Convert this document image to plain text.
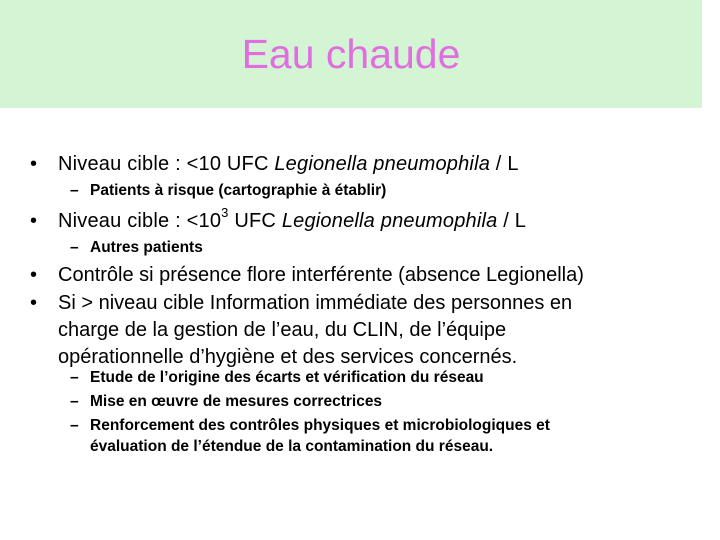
Eau chaude
• Niveau cible : <10 UFC Legionella pneumophila / L
– Patients à risque (cartographie à établir)
• Niveau cible : $<10^3$ UFC Legionella pneumophila / L
– Autres patients
• Contrôle si présence flore interférente (absence Legionella)
• Si > niveau cible Information immédiate des personnes en
charge de la gestion de l’eau, du CLIN, de l’équipe
opérationnelle d’hygiène et des services concernés.
– Etude de l’origine des écarts et vérification du réseau
– Mise en œuvre de mesures correctrices
– Renforcement des contrôles physiques et microbiologiques et
évaluation de l’étendue de la contamination du réseau.
